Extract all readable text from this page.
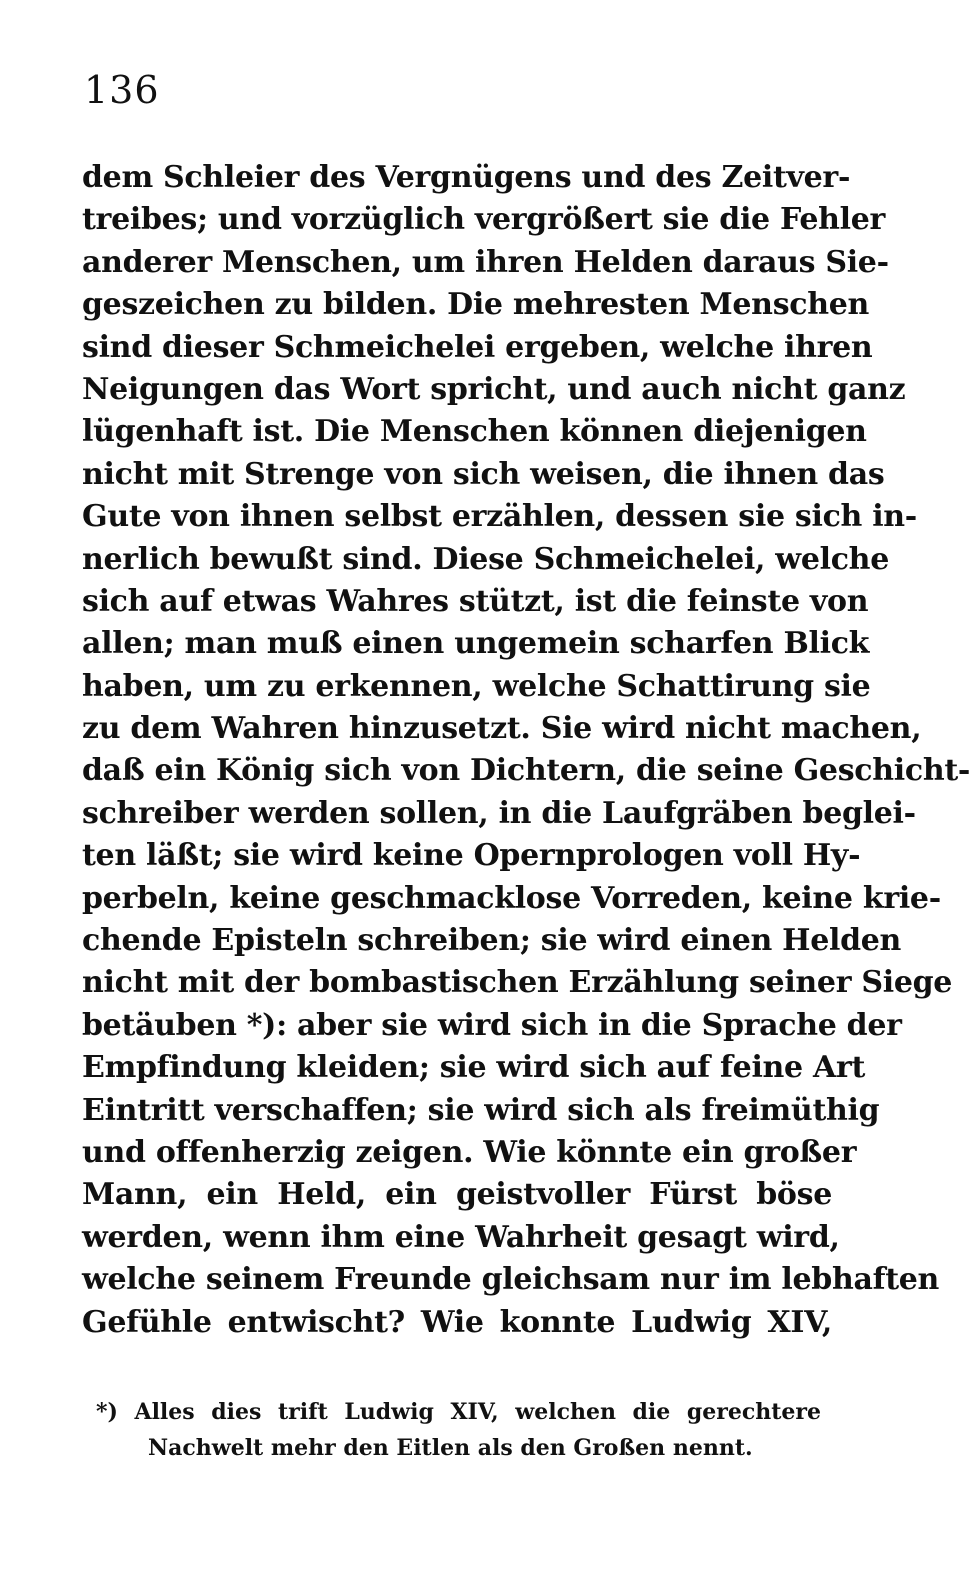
136
dem Schleier des Vergnügens und des Zeitver-
treibes; und vorzüglich vergrößert sie die Fehler
anderer Menschen, um ihren Helden daraus Sie-
geszeichen zu bilden. Die mehresten Menschen
sind dieser Schmeichelei ergeben, welche ihren
Neigungen das Wort spricht, und auch nicht ganz
lügenhaft ist. Die Menschen können diejenigen
nicht mit Strenge von sich weisen, die ihnen das
Gute von ihnen selbst erzählen, dessen sie sich in-
nerlich bewußt sind. Diese Schmeichelei, welche
sich auf etwas Wahres stützt, ist die feinste von
allen; man muß einen ungemein scharfen Blick
haben, um zu erkennen, welche Schattirung sie
zu dem Wahren hinzusetzt. Sie wird nicht machen,
daß ein König sich von Dichtern, die seine Geschicht-
schreiber werden sollen, in die Laufgräben beglei-
ten läßt; sie wird keine Opernprologen voll Hy-
perbeln, keine geschmacklose Vorreden, keine krie-
chende Episteln schreiben; sie wird einen Helden
nicht mit der bombastischen Erzählung seiner Siege
betäuben *): aber sie wird sich in die Sprache der
Empfindung kleiden; sie wird sich auf feine Art
Eintritt verschaffen; sie wird sich als freimüthig
und offenherzig zeigen. Wie könnte ein großer
Mann, ein Held, ein geistvoller Fürst böse
werden, wenn ihm eine Wahrheit gesagt wird,
welche seinem Freunde gleichsam nur im lebhaften
Gefühle entwischt? Wie konnte Ludwig XIV,
*) Alles dies trift Ludwig XIV, welchen die gerechtere
Nachwelt mehr den Eitlen als den Großen nennt.
